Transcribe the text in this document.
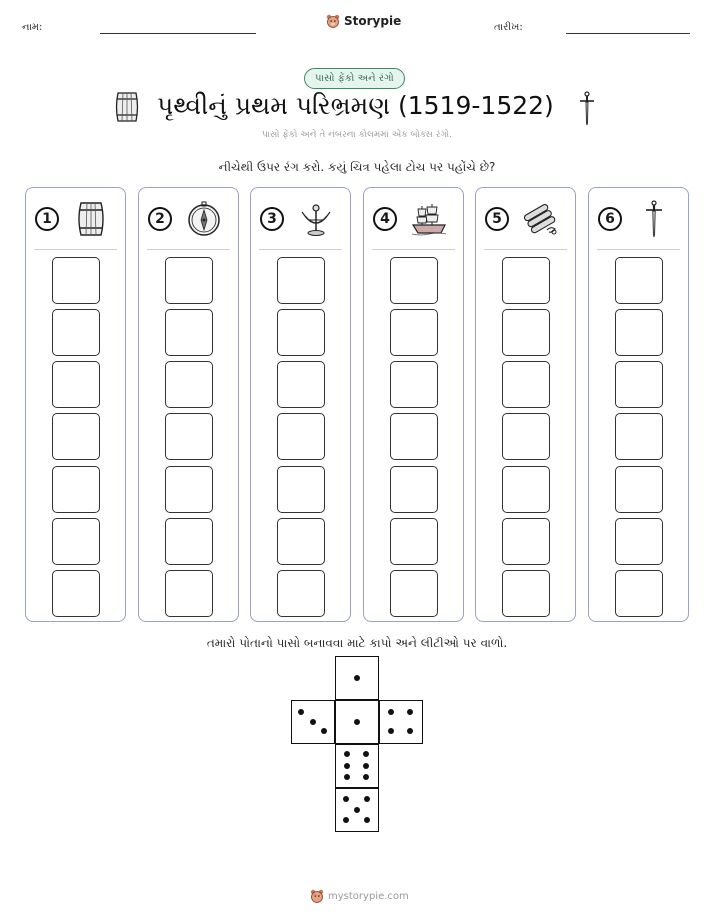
નામ:	Storypie	તારીખ:
પાસો ફેંકો અને રંગો
પૃથ્વીનું પ્રથમ પરિભ્રમણ (1519-1522)
પાસો ફેંકો અને તે નંબરના કોલમમાં એક બોક્સ રંગો.
નીચેથી ઉપર રંગ કરો. કયું ચિત્ર પહેલા ટોચ પર પહોંચે છે?
1	2	3	4	5	6
તમારો પોતાનો પાસો બનાવવા માટે કાપો અને લીટીઓ પર વાળો.
mystorypie.com
